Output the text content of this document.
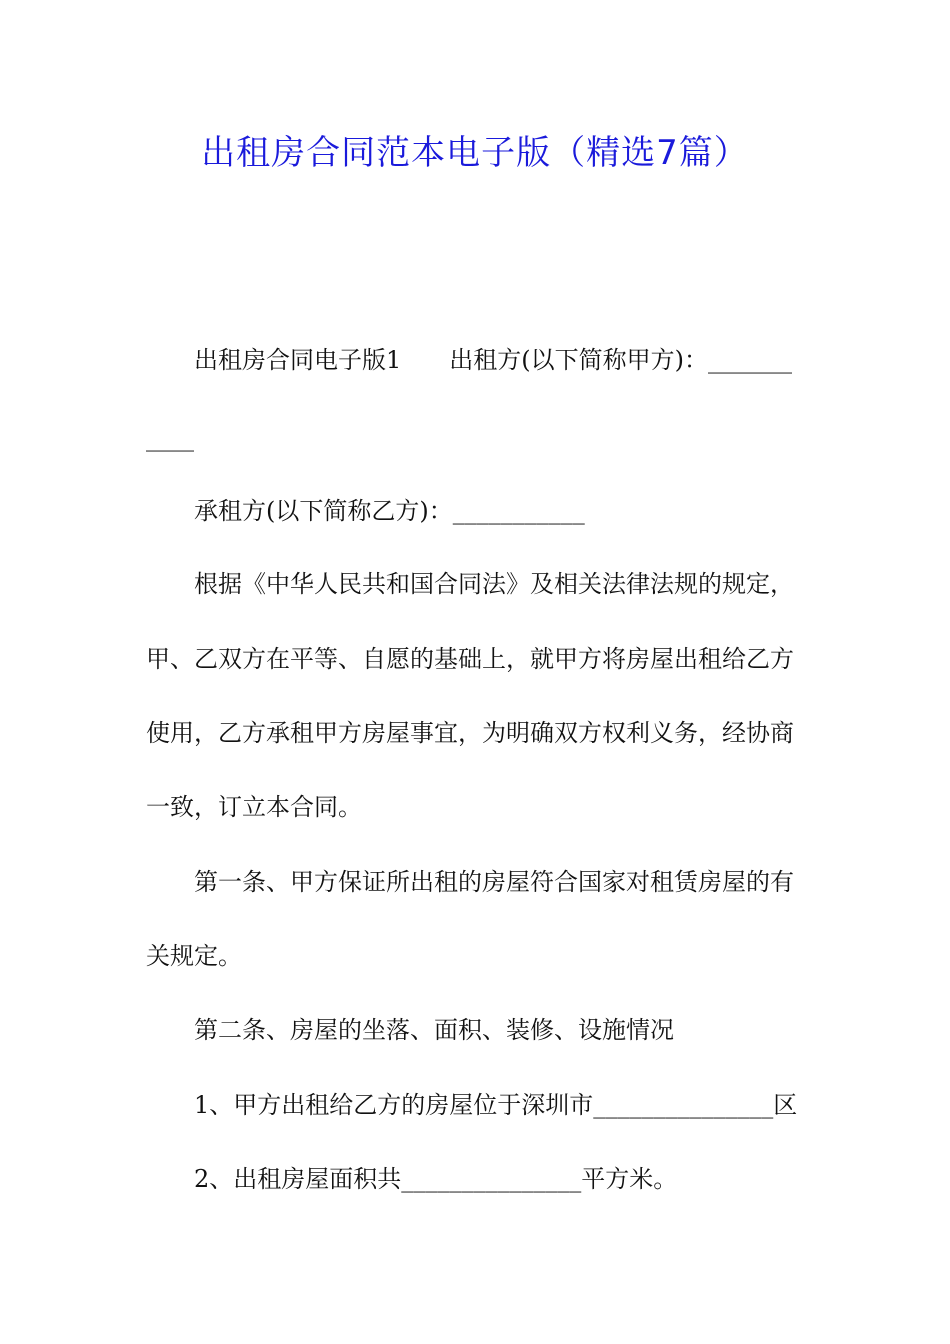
出租房合同范本电子版（精选7篇）
出租房合同电子版1　　出租方(以下简称甲方)：_______
____
承租方(以下简称乙方)：___________
根据《中华人民共和国合同法》及相关法律法规的规定，
甲、乙双方在平等、自愿的基础上，就甲方将房屋出租给乙方
使用，乙方承租甲方房屋事宜，为明确双方权利义务，经协商
一致，订立本合同。
第一条、甲方保证所出租的房屋符合国家对租赁房屋的有
关规定。
第二条、房屋的坐落、面积、装修、设施情况
1、甲方出租给乙方的房屋位于深圳市_______________区
2、出租房屋面积共_______________平方米。
